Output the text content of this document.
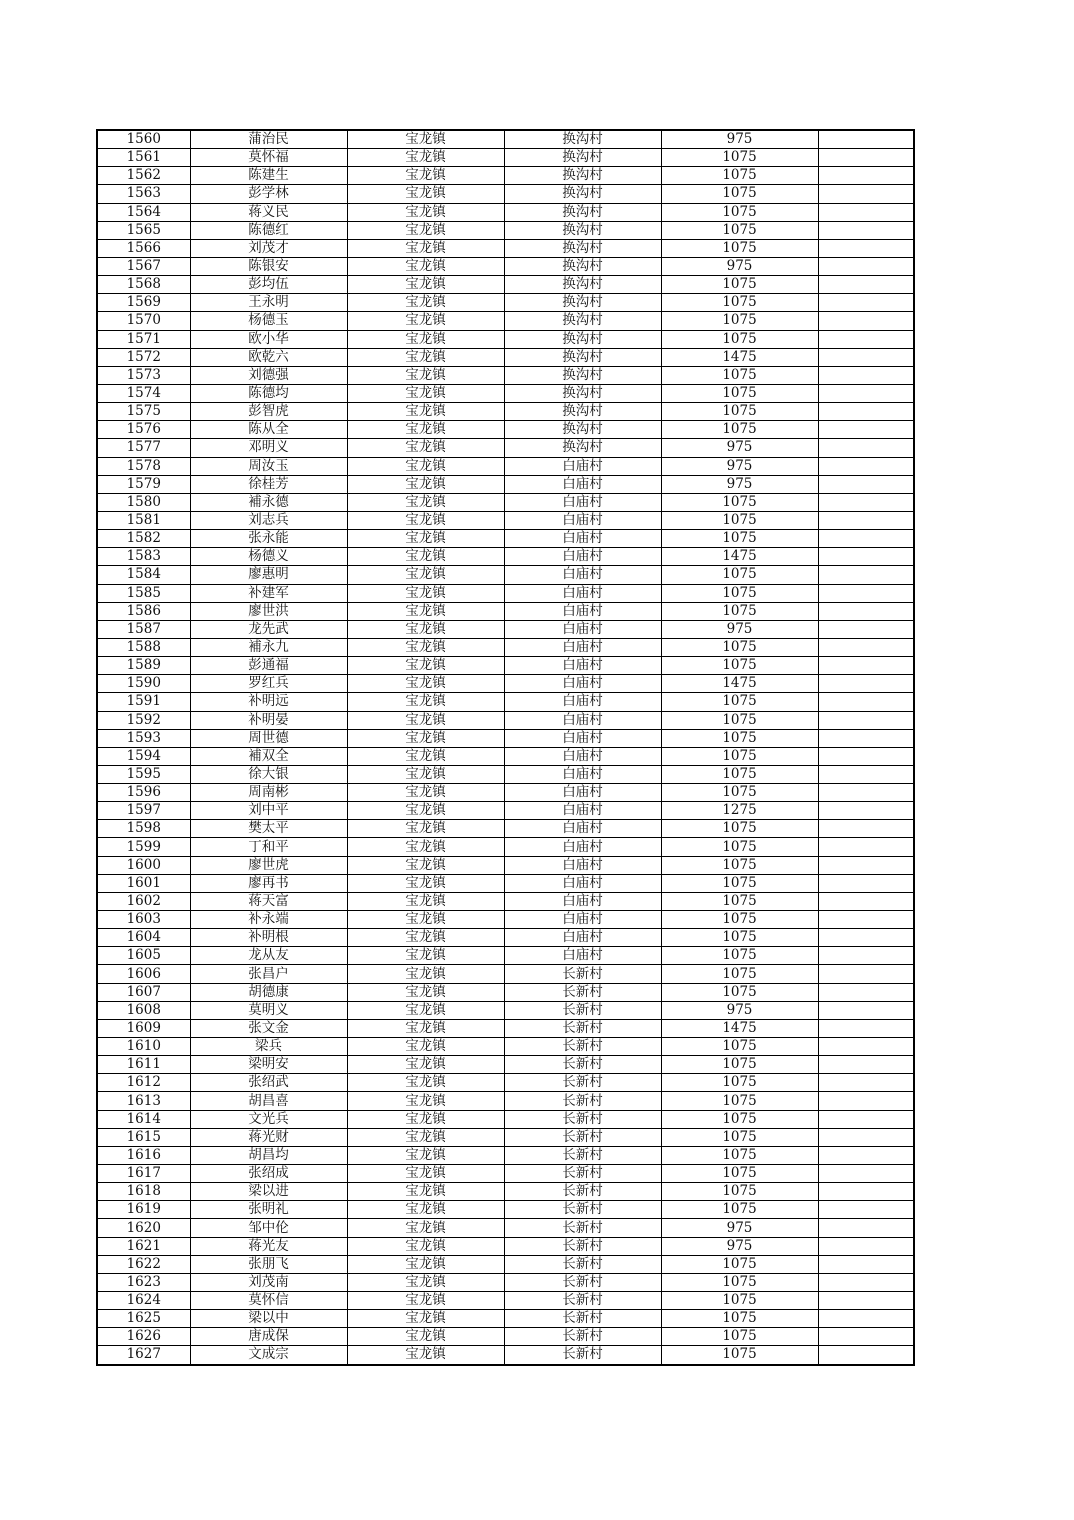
1560	蒲治民	宝龙镇	换沟村	975	
1561	莫怀福	宝龙镇	换沟村	1075	
1562	陈建生	宝龙镇	换沟村	1075	
1563	彭学林	宝龙镇	换沟村	1075	
1564	蒋义民	宝龙镇	换沟村	1075	
1565	陈德红	宝龙镇	换沟村	1075	
1566	刘茂才	宝龙镇	换沟村	1075	
1567	陈银安	宝龙镇	换沟村	975	
1568	彭均伍	宝龙镇	换沟村	1075	
1569	王永明	宝龙镇	换沟村	1075	
1570	杨德玉	宝龙镇	换沟村	1075	
1571	欧小华	宝龙镇	换沟村	1075	
1572	欧乾六	宝龙镇	换沟村	1475	
1573	刘德强	宝龙镇	换沟村	1075	
1574	陈德均	宝龙镇	换沟村	1075	
1575	彭智虎	宝龙镇	换沟村	1075	
1576	陈从全	宝龙镇	换沟村	1075	
1577	邓明义	宝龙镇	换沟村	975	
1578	周汝玉	宝龙镇	白庙村	975	
1579	徐桂芳	宝龙镇	白庙村	975	
1580	補永德	宝龙镇	白庙村	1075	
1581	刘志兵	宝龙镇	白庙村	1075	
1582	张永能	宝龙镇	白庙村	1075	
1583	杨德义	宝龙镇	白庙村	1475	
1584	廖惠明	宝龙镇	白庙村	1075	
1585	补建军	宝龙镇	白庙村	1075	
1586	廖世洪	宝龙镇	白庙村	1075	
1587	龙先武	宝龙镇	白庙村	975	
1588	補永九	宝龙镇	白庙村	1075	
1589	彭通福	宝龙镇	白庙村	1075	
1590	罗红兵	宝龙镇	白庙村	1475	
1591	补明远	宝龙镇	白庙村	1075	
1592	补明晏	宝龙镇	白庙村	1075	
1593	周世德	宝龙镇	白庙村	1075	
1594	補双全	宝龙镇	白庙村	1075	
1595	徐大银	宝龙镇	白庙村	1075	
1596	周南彬	宝龙镇	白庙村	1075	
1597	刘中平	宝龙镇	白庙村	1275	
1598	樊太平	宝龙镇	白庙村	1075	
1599	丁和平	宝龙镇	白庙村	1075	
1600	廖世虎	宝龙镇	白庙村	1075	
1601	廖再书	宝龙镇	白庙村	1075	
1602	蒋天富	宝龙镇	白庙村	1075	
1603	补永端	宝龙镇	白庙村	1075	
1604	补明根	宝龙镇	白庙村	1075	
1605	龙从友	宝龙镇	白庙村	1075	
1606	张昌户	宝龙镇	长新村	1075	
1607	胡德康	宝龙镇	长新村	1075	
1608	莫明义	宝龙镇	长新村	975	
1609	张文金	宝龙镇	长新村	1475	
1610	梁兵	宝龙镇	长新村	1075	
1611	梁明安	宝龙镇	长新村	1075	
1612	张绍武	宝龙镇	长新村	1075	
1613	胡昌喜	宝龙镇	长新村	1075	
1614	文光兵	宝龙镇	长新村	1075	
1615	蒋光财	宝龙镇	长新村	1075	
1616	胡昌均	宝龙镇	长新村	1075	
1617	张绍成	宝龙镇	长新村	1075	
1618	梁以进	宝龙镇	长新村	1075	
1619	张明礼	宝龙镇	长新村	1075	
1620	邹中伦	宝龙镇	长新村	975	
1621	蒋光友	宝龙镇	长新村	975	
1622	张朋飞	宝龙镇	长新村	1075	
1623	刘茂南	宝龙镇	长新村	1075	
1624	莫怀信	宝龙镇	长新村	1075	
1625	梁以中	宝龙镇	长新村	1075	
1626	唐成保	宝龙镇	长新村	1075	
1627	文成宗	宝龙镇	长新村	1075	
